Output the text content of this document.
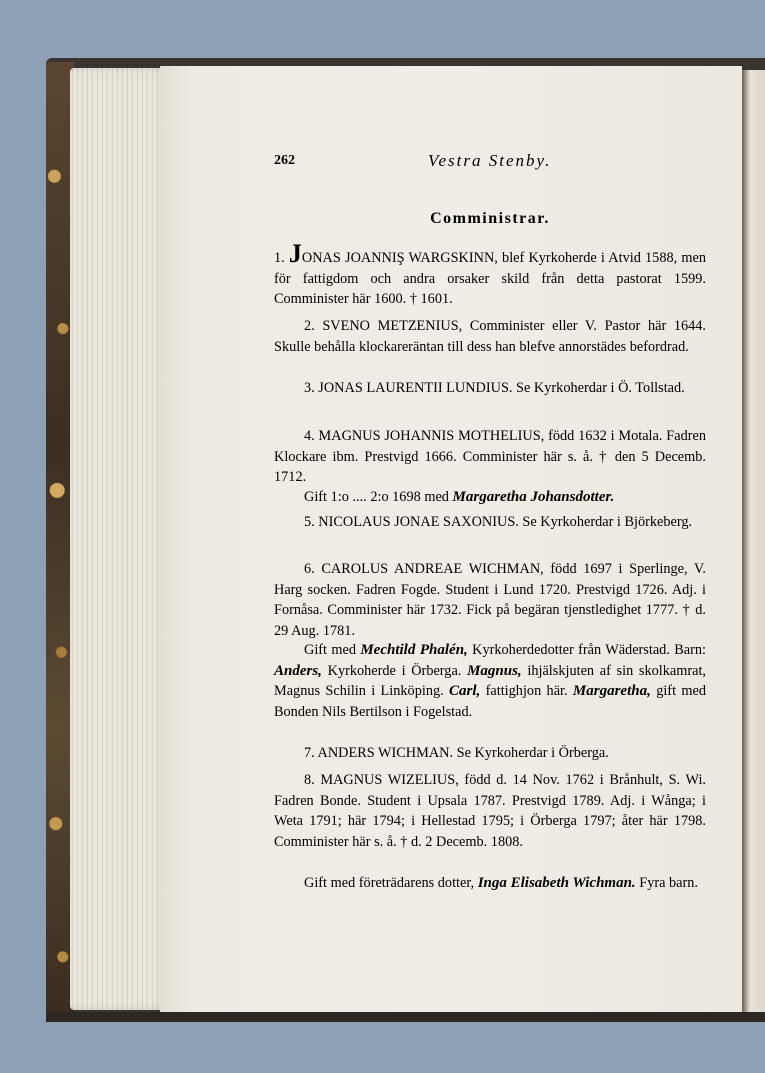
262	Vestra Stenby.
Comministrar.
1. JONAS JOANNIŞ WARGSKINN, blef Kyrkoherde i Atvid 1588, men för fattigdom och andra orsaker skild från detta pastorat 1599. Comminister här 1600. † 1601.
2. SVENO METZENIUS, Comminister eller V. Pastor här 1644. Skulle behålla klockareräntan till dess han blefve annorstädes befordrad.
3. JONAS LAURENTII LUNDIUS. Se Kyrkoherdar i Ö. Tollstad.
4. MAGNUS JOHANNIS MOTHELIUS, född 1632 i Motala. Fadren Klockare ibm. Prestvigd 1666. Comminister här s. å. † den 5 Decemb. 1712.
Gift 1:o .... 2:o 1698 med Margaretha Johansdotter.
5. NICOLAUS JONAE SAXONIUS. Se Kyrkoherdar i Björkeberg.
6. CAROLUS ANDREAE WICHMAN, född 1697 i Sperlinge, V. Harg socken. Fadren Fogde. Student i Lund 1720. Prestvigd 1726. Adj. i Fornåsa. Comminister här 1732. Fick på begäran tjenstledighet 1777. † d. 29 Aug. 1781.
Gift med Mechtild Phalén, Kyrkoherdedotter från Wäderstad. Barn: Anders, Kyrkoherde i Örberga. Magnus, ihjälskjuten af sin skolkamrat, Magnus Schilin i Linköping. Carl, fattighjon här. Margaretha, gift med Bonden Nils Bertilson i Fogelstad.
7. ANDERS WICHMAN. Se Kyrkoherdar i Örberga.
8. MAGNUS WIZELIUS, född d. 14 Nov. 1762 i Brånhult, S. Wi. Fadren Bonde. Student i Upsala 1787. Prestvigd 1789. Adj. i Wånga; i Weta 1791; här 1794; i Hellestad 1795; i Örberga 1797; åter här 1798. Comminister här s. å. † d. 2 Decemb. 1808.
Gift med företrädarens dotter, Inga Elisabeth Wichman. Fyra barn.
